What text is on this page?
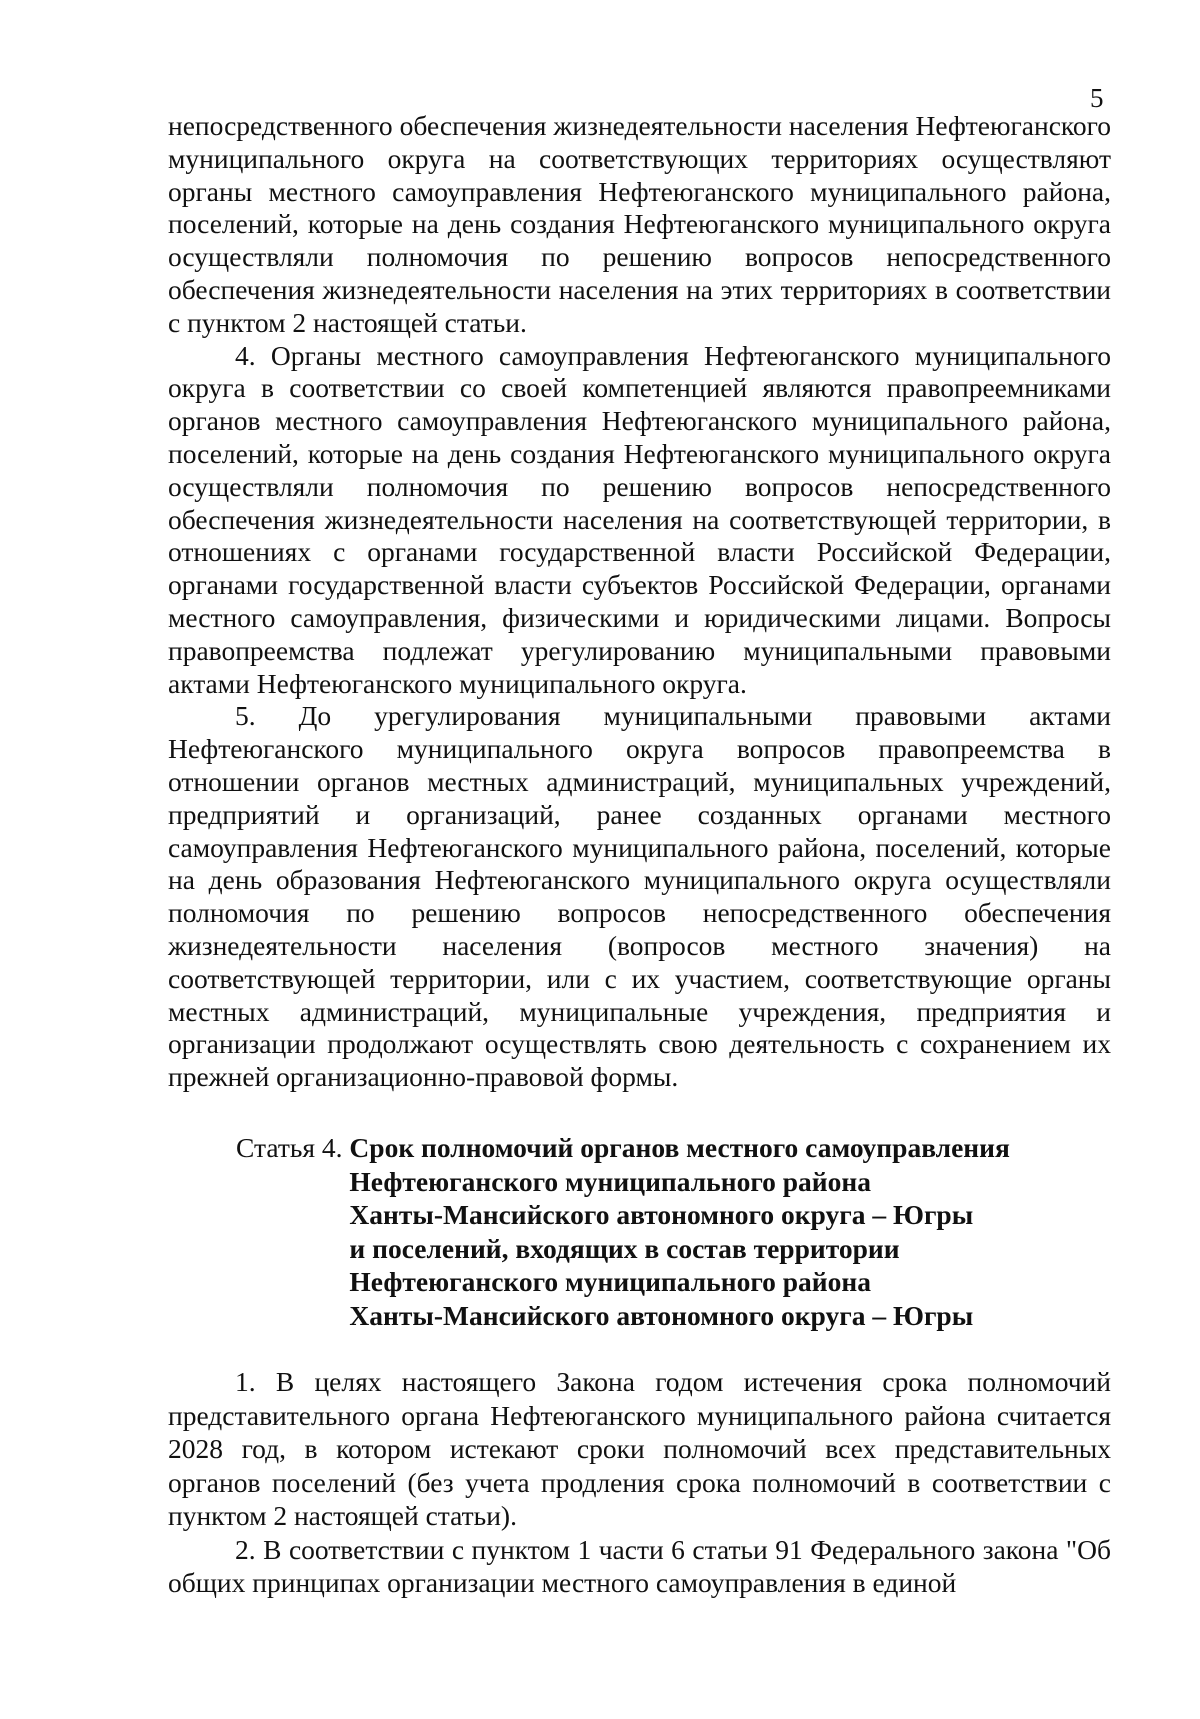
5

непосредственного обеспечения жизнедеятельности населения Нефтеюганского муниципального округа на соответствующих территориях осуществляют органы местного самоуправления Нефтеюганского муниципального района, поселений, которые на день создания Нефтеюганского муниципального округа осуществляли полномочия по решению вопросов непосредственного обеспечения жизнедеятельности населения на этих территориях в соответствии с пунктом 2 настоящей статьи.

4. Органы местного самоуправления Нефтеюганского муниципального округа в соответствии со своей компетенцией являются правопреемниками органов местного самоуправления Нефтеюганского муниципального района, поселений, которые на день создания Нефтеюганского муниципального округа осуществляли полномочия по решению вопросов непосредственного обеспечения жизнедеятельности населения на соответствующей территории, в отношениях с органами государственной власти Российской Федерации, органами государственной власти субъектов Российской Федерации, органами местного самоуправления, физическими и юридическими лицами. Вопросы правопреемства подлежат урегулированию муниципальными правовыми актами Нефтеюганского муниципального округа.

5. До урегулирования муниципальными правовыми актами Нефтеюганского муниципального округа вопросов правопреемства в отношении органов местных администраций, муниципальных учреждений, предприятий и организаций, ранее созданных органами местного самоуправления Нефтеюганского муниципального района, поселений, которые на день образования Нефтеюганского муниципального округа осуществляли полномочия по решению вопросов непосредственного обеспечения жизнедеятельности населения (вопросов местного значения) на соответствующей территории, или с их участием, соответствующие органы местных администраций, муниципальные учреждения, предприятия и организации продолжают осуществлять свою деятельность с сохранением их прежней организационно-правовой формы.

Статья 4. Срок полномочий органов местного самоуправления
Нефтеюганского муниципального района
Ханты-Мансийского автономного округа – Югры
и поселений, входящих в состав территории
Нефтеюганского муниципального района
Ханты-Мансийского автономного округа – Югры

1. В целях настоящего Закона годом истечения срока полномочий представительного органа Нефтеюганского муниципального района считается 2028 год, в котором истекают сроки полномочий всех представительных органов поселений (без учета продления срока полномочий в соответствии с пунктом 2 настоящей статьи).

2. В соответствии с пунктом 1 части 6 статьи 91 Федерального закона "Об общих принципах организации местного самоуправления в единой
